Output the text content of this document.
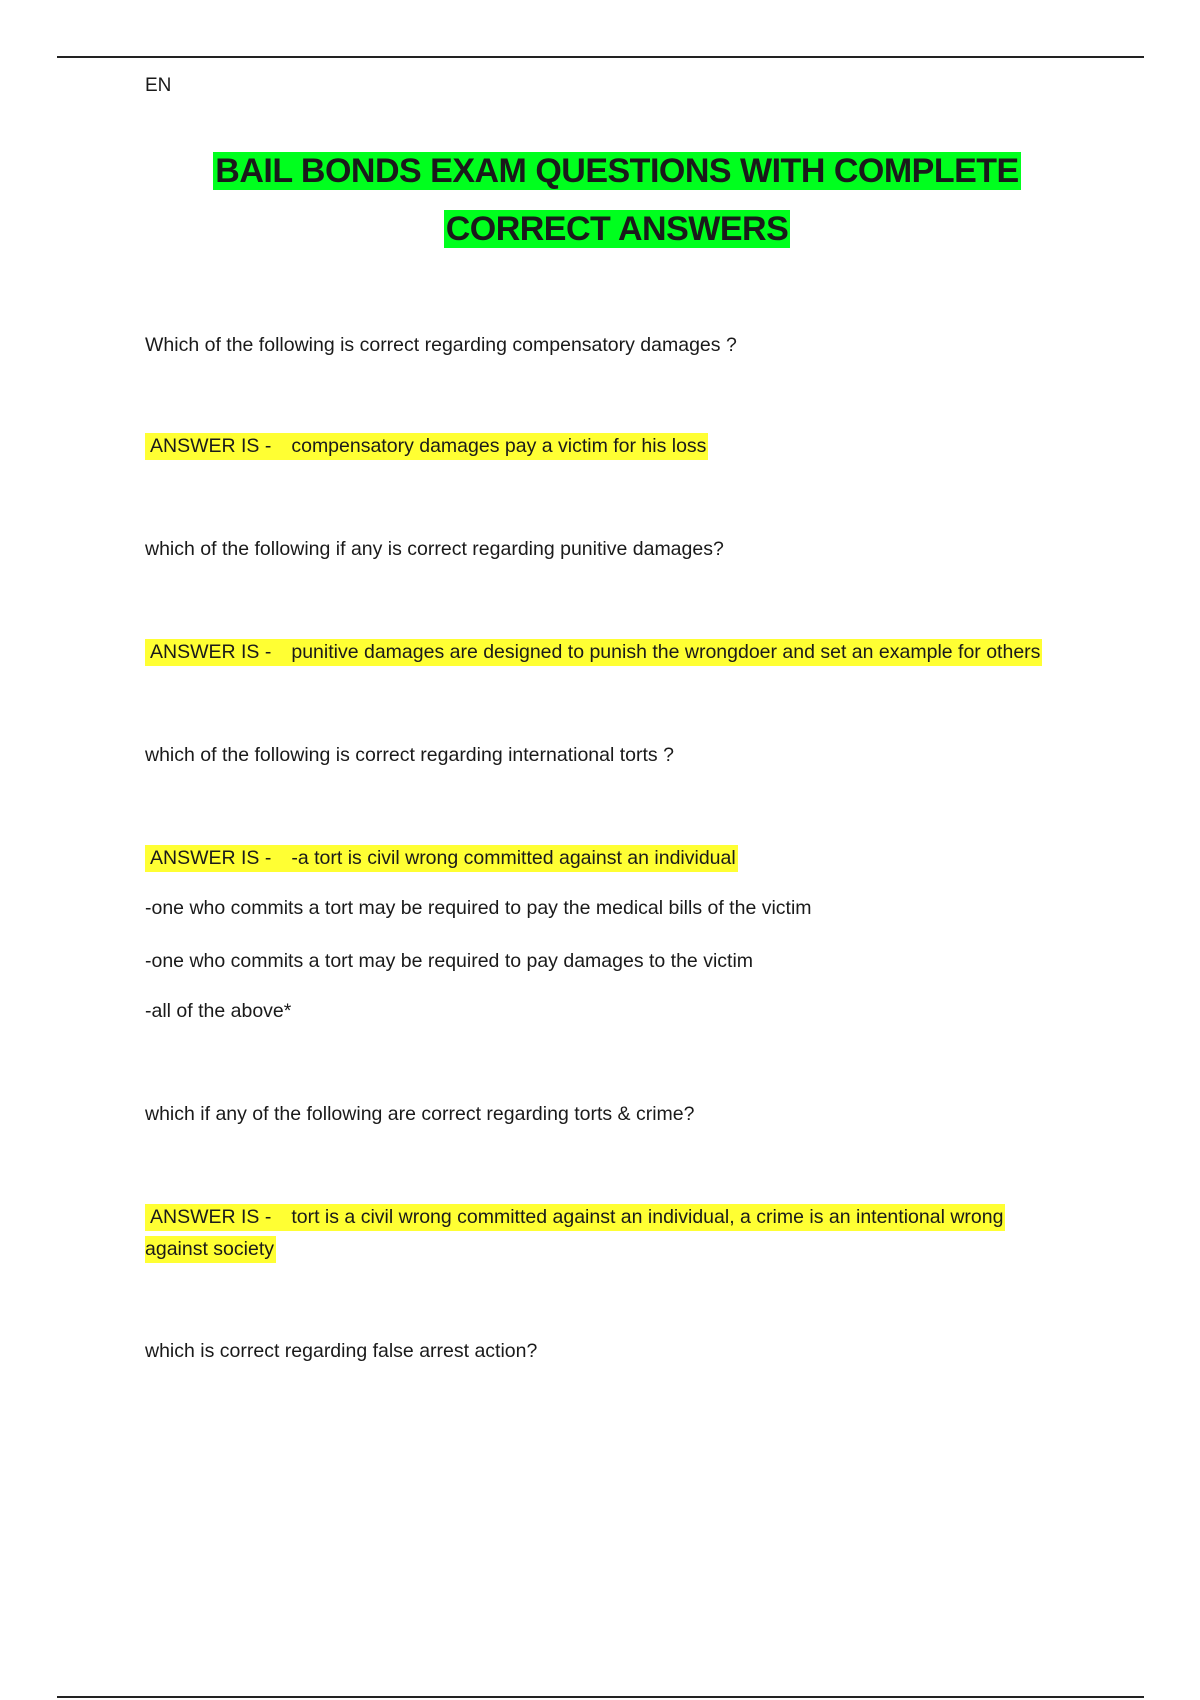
EN
BAIL BONDS EXAM QUESTIONS WITH COMPLETE
CORRECT ANSWERS
Which of the following is correct regarding compensatory damages ?
ANSWER IS - compensatory damages pay a victim for his loss
which of the following if any is correct regarding punitive damages?
ANSWER IS - punitive damages are designed to punish the wrongdoer and set an example for others
which of the following is correct regarding international torts ?
ANSWER IS - -a tort is civil wrong committed against an individual
-one who commits a tort may be required to pay the medical bills of the victim
-one who commits a tort may be required to pay damages to the victim
-all of the above*
which if any of the following are correct regarding torts & crime?
ANSWER IS - tort is a civil wrong committed against an individual, a crime is an intentional wrong
against society
which is correct regarding false arrest action?
